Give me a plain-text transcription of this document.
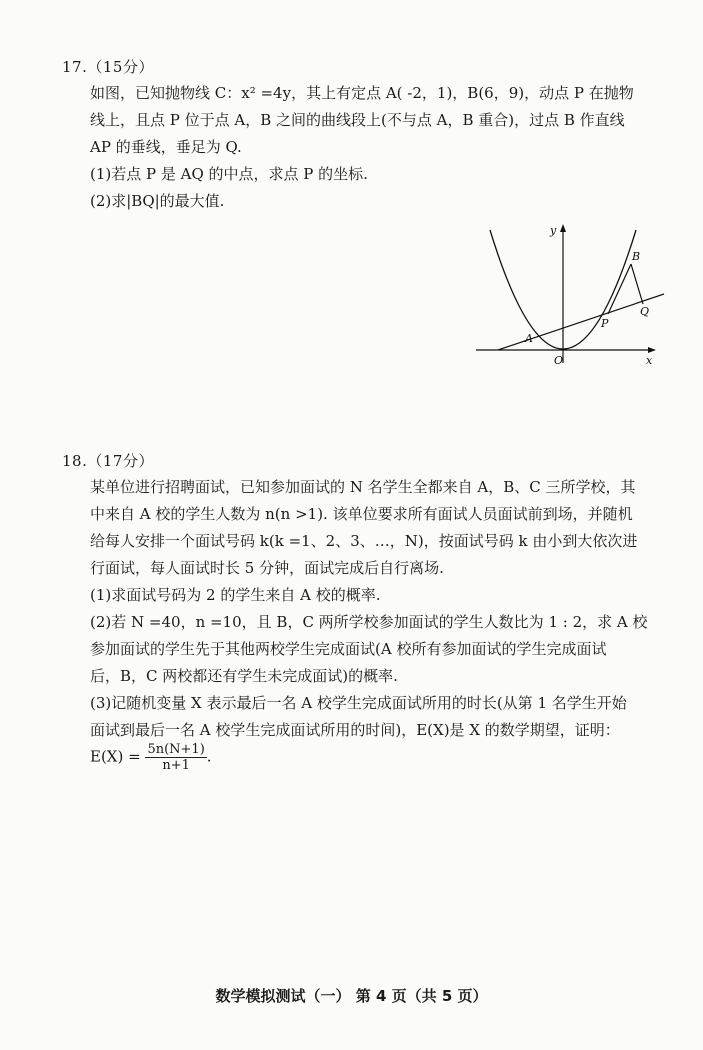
17.（15分）
如图，已知抛物线 C：x² =4y，其上有定点 A( -2，1)，B(6，9)，动点 P 在抛物
线上，且点 P 位于点 A，B 之间的曲线段上(不与点 A，B 重合)，过点 B 作直线
AP 的垂线，垂足为 Q.
(1)若点 P 是 AQ 的中点，求点 P 的坐标.
(2)求|BQ|的最大值.
y
x
O
A
B
P
Q
18.（17分）
某单位进行招聘面试，已知参加面试的 N 名学生全都来自 A，B、C 三所学校，其
中来自 A 校的学生人数为 n(n >1). 该单位要求所有面试人员面试前到场，并随机
给每人安排一个面试号码 k(k =1、2、3、…，N)，按面试号码 k 由小到大依次进
行面试，每人面试时长 5 分钟，面试完成后自行离场.
(1)求面试号码为 2 的学生来自 A 校的概率.
(2)若 N =40，n =10，且 B，C 两所学校参加面试的学生人数比为 1 : 2，求 A 校
参加面试的学生先于其他两校学生完成面试(A 校所有参加面试的学生完成面试
后，B，C 两校都还有学生未完成面试)的概率.
(3)记随机变量 X 表示最后一名 A 校学生完成面试所用的时长(从第 1 名学生开始
面试到最后一名 A 校学生完成面试所用的时间)，E(X)是 X 的数学期望，证明：
$E(X) = \frac{5n(N+1)}{n+1}$ .
数学模拟测试（一） 第 4 页（共 5 页）
